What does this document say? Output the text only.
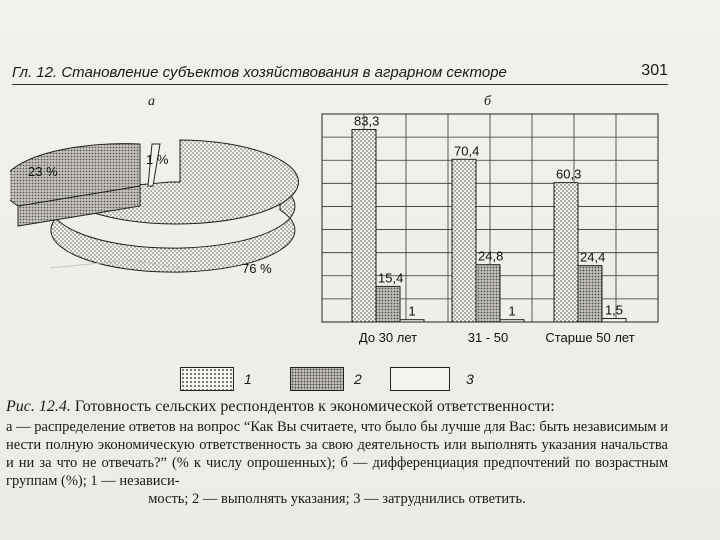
Гл. 12. Становление субъектов хозяйствования в аграрном секторе	301
а	б
23 %
1 %
76 %
83,3
15,4
1
70,4
24,8
1
60,3
24,4
1,5
До 30 лет	31 - 50	Старше 50 лет
1	2	3
Рис. 12.4. Готовность сельских респондентов к экономической ответственности:
а — распределение ответов на вопрос “Как Вы считаете, что было бы лучше для Вас: быть независимым и нести полную экономическую ответственность за свою деятельность или выполнять указания начальства и ни за что не отвечать?” (% к числу опрошенных); б — дифференциация предпочтений по возрастным группам (%); 1 — независи-
мость; 2 — выполнять указания; 3 — затруднились ответить.
